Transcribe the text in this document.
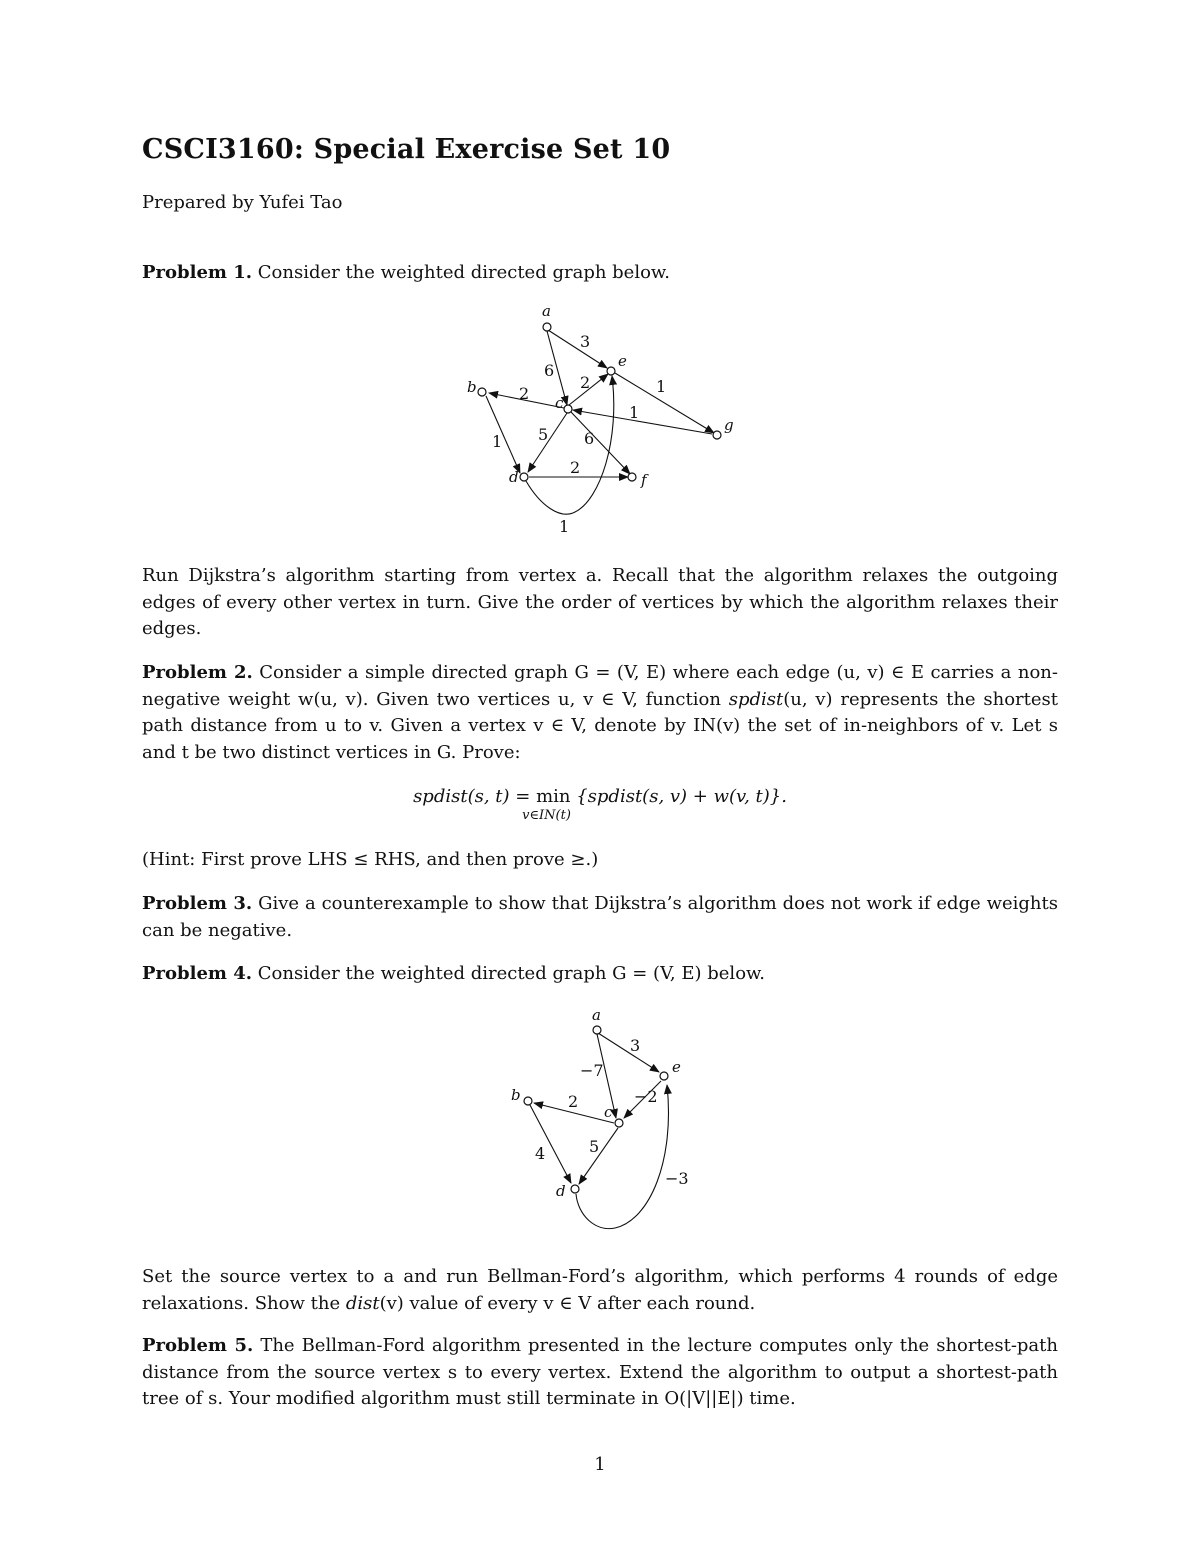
CSCI3160: Special Exercise Set 10
Prepared by Yufei Tao
Problem 1. Consider the weighted directed graph below.
a
b
c
d
e
f
g
3
6
2
2
5 6
1
1
1
2
1
a
b
c
d
e
3
−7
2	−2
4	5
−3
Run Dijkstra’s algorithm starting from vertex a. Recall that the algorithm relaxes the outgoing edges of every other vertex in turn. Give the order of vertices by which the algorithm relaxes their edges.
Problem 2. Consider a simple directed graph G = (V, E) where each edge (u, v) ∈ E carries a non-negative weight w(u, v). Given two vertices u, v ∈ V, function spdist(u, v) represents the shortest path distance from u to v. Given a vertex v ∈ V, denote by IN(v) the set of in-neighbors of v. Let s and t be two distinct vertices in G. Prove:
spdist(s, t) = min
v∈IN(t)
{spdist(s, v) + w(v, t)}.
(Hint: First prove LHS ≤ RHS, and then prove ≥.)
Problem 3. Give a counterexample to show that Dijkstra’s algorithm does not work if edge weights can be negative.
Problem 4. Consider the weighted directed graph G = (V, E) below.
Set the source vertex to a and run Bellman-Ford’s algorithm, which performs 4 rounds of edge relaxations. Show the dist(v) value of every v ∈ V after each round.
Problem 5. The Bellman-Ford algorithm presented in the lecture computes only the shortest-path distance from the source vertex s to every vertex. Extend the algorithm to output a shortest-path tree of s. Your modified algorithm must still terminate in O(|V||E|) time.
1
